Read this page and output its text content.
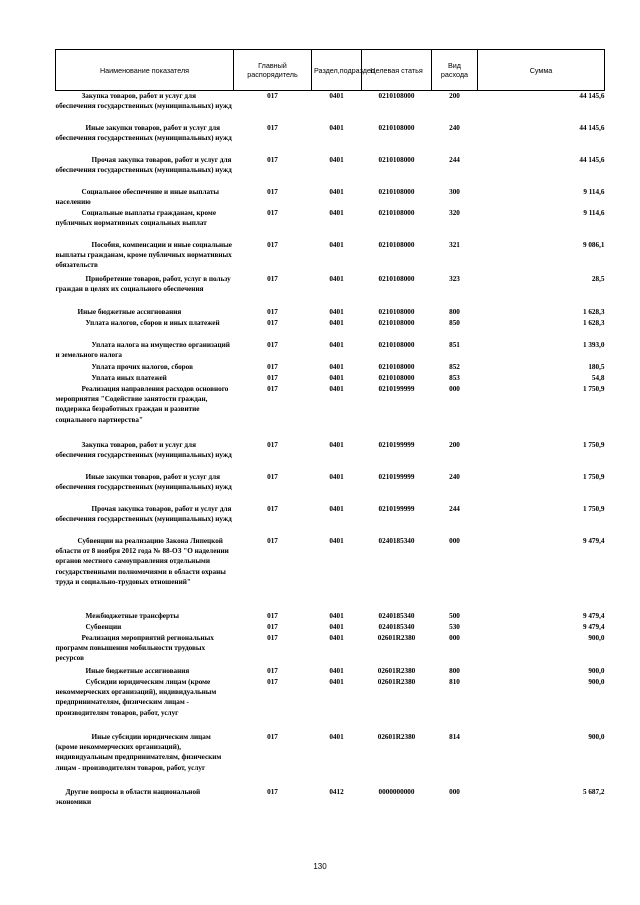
Наименование показателя	Главный распорядитель	Раздел,подраздел	Целевая статья	Вид расхода	Сумма

Закупка товаров, работ и услуг для обеспечения государственных (муниципальных) нужд	017	0401	0210108000	200	44 145,6

Иные закупки товаров, работ и услуг для обеспечения государственных (муниципальных) нужд	017	0401	0210108000	240	44 145,6

Прочая закупка товаров, работ и услуг для обеспечения государственных (муниципальных) нужд	017	0401	0210108000	244	44 145,6

Социальное обеспечение и иные выплаты населению	017	0401	0210108000	300	9 114,6

Социальные выплаты гражданам, кроме публичных нормативных социальных выплат	017	0401	0210108000	320	9 114,6

Пособия, компенсации и иные социальные выплаты гражданам, кроме публичных нормативных обязательств	017	0401	0210108000	321	9 086,1

Приобретение товаров, работ, услуг в пользу граждан в целях их социального обеспечения	017	0401	0210108000	323	28,5

Иные бюджетные ассигнования	017	0401	0210108000	800	1 628,3

Уплата налогов, сборов и иных платежей	017	0401	0210108000	850	1 628,3

Уплата налога на имущество организаций и земельного налога	017	0401	0210108000	851	1 393,0

Уплата прочих налогов, сборов	017	0401	0210108000	852	180,5

Уплата иных платежей	017	0401	0210108000	853	54,8

Реализация направления расходов основного мероприятия "Содействие занятости граждан, поддержка безработных граждан и развитие социального партнерства"	017	0401	0210199999	000	1 750,9

Закупка товаров, работ и услуг для обеспечения государственных (муниципальных) нужд	017	0401	0210199999	200	1 750,9

Иные закупки товаров, работ и услуг для обеспечения государственных (муниципальных) нужд	017	0401	0210199999	240	1 750,9

Прочая закупка товаров, работ и услуг для обеспечения государственных (муниципальных) нужд	017	0401	0210199999	244	1 750,9

Субвенции на реализацию Закона Липецкой области от 8 ноября 2012 года № 88-ОЗ "О наделении органов местного самоуправления отдельными государственными полномочиями в области охраны труда и социально-трудовых отношений"	017	0401	0240185340	000	9 479,4

Межбюджетные трансферты	017	0401	0240185340	500	9 479,4

Субвенции	017	0401	0240185340	530	9 479,4

Реализация мероприятий региональных программ повышения мобильности трудовых ресурсов	017	0401	02601R2380	000	900,0

Иные бюджетные ассигнования	017	0401	02601R2380	800	900,0

Субсидии юридическим лицам (кроме некоммерческих организаций), индивидуальным предпринимателям, физическим лицам - производителям товаров, работ, услуг	017	0401	02601R2380	810	900,0

Иные субсидии юридическим лицам (кроме некоммерческих организаций), индивидуальным предпринимателям, физическим лицам - производителям товаров, работ, услуг	017	0401	02601R2380	814	900,0

Другие вопросы в области национальной экономики	017	0412	0000000000	000	5 687,2
130
